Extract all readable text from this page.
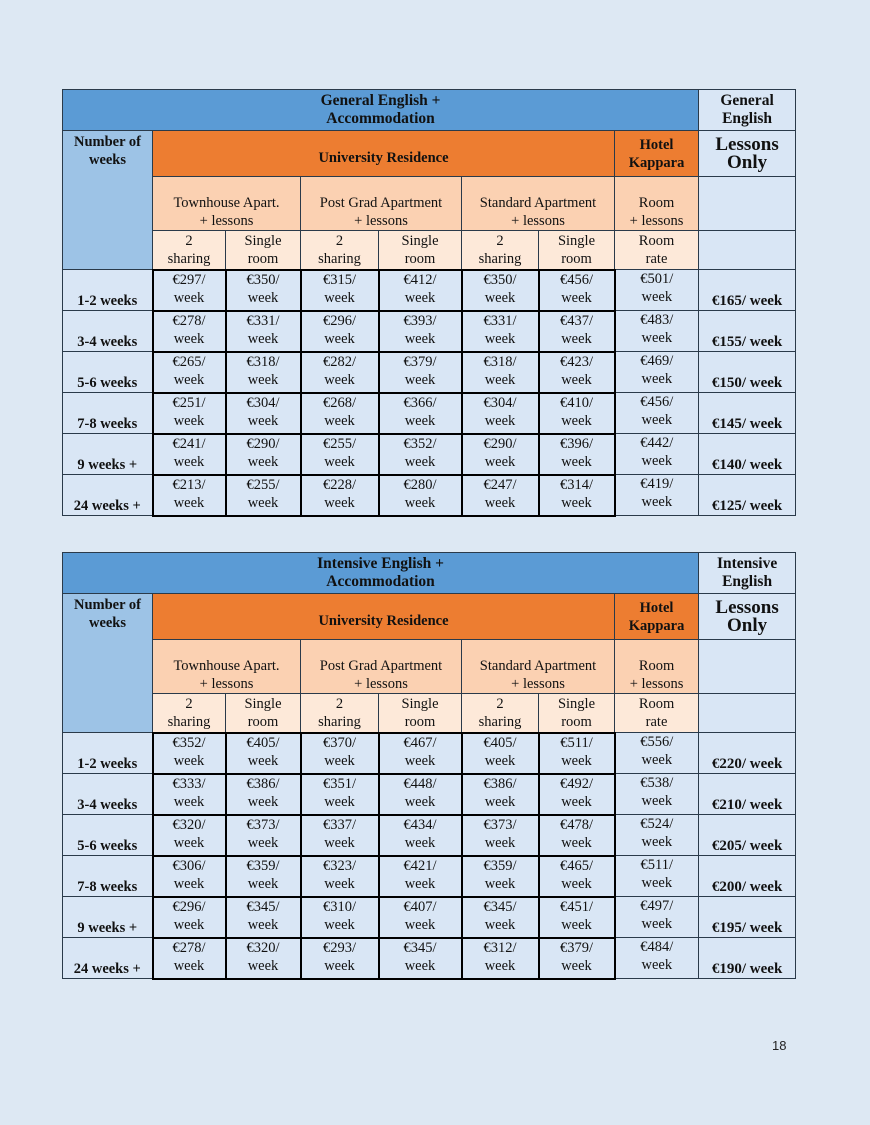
General English +
Accommodation								General
English
Number of
weeks	University Residence						Hotel
Kappara	Lessons
Only
	Townhouse Apart.
+ lessons		Post Grad Apartment
+ lessons		Standard Apartment
+ lessons		Room
+ lessons	
	2
sharing	Single
room	2
sharing	Single
room	2
sharing	Single
room	Room
rate	
1-2 weeks	€297/
week	€350/
week	€315/
week	€412/
week	€350/
week	€456/
week	€501/
week	€165/ week
3-4 weeks	€278/
week	€331/
week	€296/
week	€393/
week	€331/
week	€437/
week	€483/
week	€155/ week
5-6 weeks	€265/
week	€318/
week	€282/
week	€379/
week	€318/
week	€423/
week	€469/
week	€150/ week
7-8 weeks	€251/
week	€304/
week	€268/
week	€366/
week	€304/
week	€410/
week	€456/
week	€145/ week
9 weeks +	€241/
week	€290/
week	€255/
week	€352/
week	€290/
week	€396/
week	€442/
week	€140/ week
24 weeks +	€213/
week	€255/
week	€228/
week	€280/
week	€247/
week	€314/
week	€419/
week	€125/ week
Intensive English +
Accommodation								Intensive
English
Number of
weeks	University Residence						Hotel
Kappara	Lessons
Only
	Townhouse Apart.
+ lessons		Post Grad Apartment
+ lessons		Standard Apartment
+ lessons		Room
+ lessons	
	2
sharing	Single
room	2
sharing	Single
room	2
sharing	Single
room	Room
rate	
1-2 weeks	€352/
week	€405/
week	€370/
week	€467/
week	€405/
week	€511/
week	€556/
week	€220/ week
3-4 weeks	€333/
week	€386/
week	€351/
week	€448/
week	€386/
week	€492/
week	€538/
week	€210/ week
5-6 weeks	€320/
week	€373/
week	€337/
week	€434/
week	€373/
week	€478/
week	€524/
week	€205/ week
7-8 weeks	€306/
week	€359/
week	€323/
week	€421/
week	€359/
week	€465/
week	€511/
week	€200/ week
9 weeks +	€296/
week	€345/
week	€310/
week	€407/
week	€345/
week	€451/
week	€497/
week	€195/ week
24 weeks +	€278/
week	€320/
week	€293/
week	€345/
week	€312/
week	€379/
week	€484/
week	€190/ week
18
